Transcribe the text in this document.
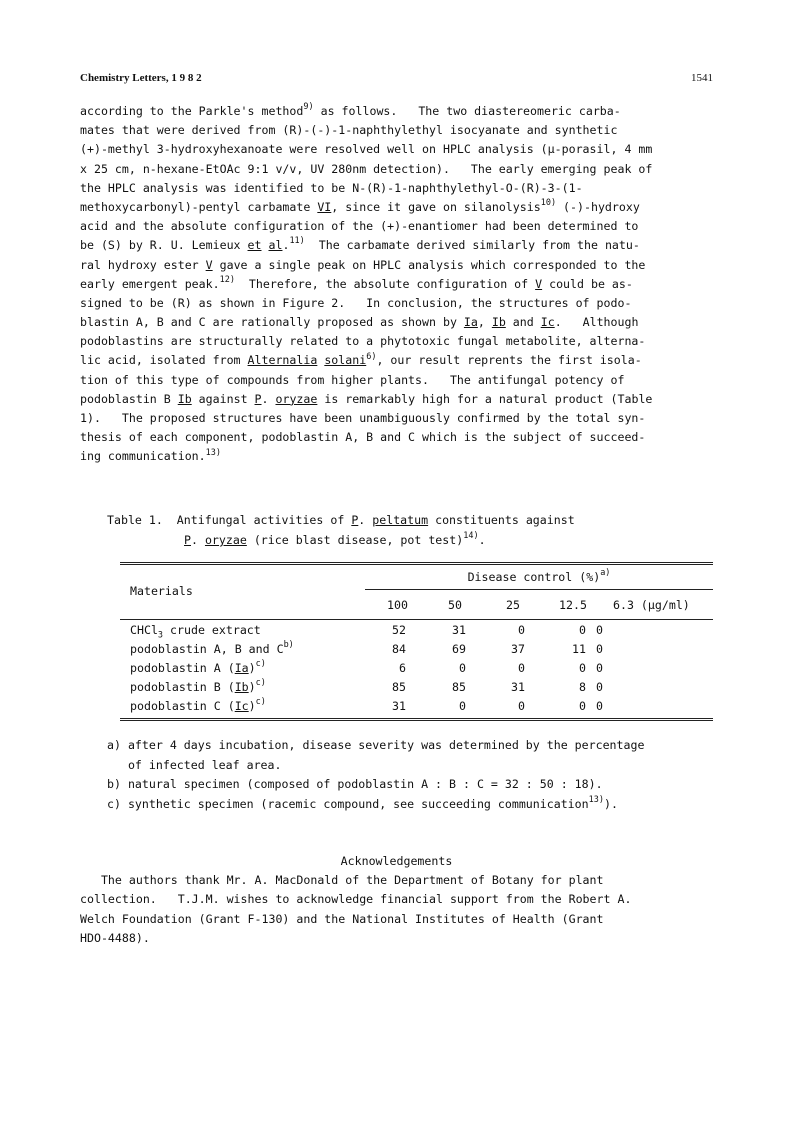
Chemistry Letters, 1 9 8 2	1541
according to the Parkle's method$^{9)}$ as follows.   The two diastereomeric carba-
mates that were derived from (R)-(-)-1-naphthylethyl isocyanate and synthetic
(+)-methyl 3-hydroxyhexanoate were resolved well on HPLC analysis (μ-porasil, 4 mm
x 25 cm, n-hexane-EtOAc 9:1 v/v, UV 280nm detection).   The early emerging peak of
the HPLC analysis was identified to be N-(R)-1-naphthylethyl-O-(R)-3-(1-
methoxycarbonyl)-pentyl carbamate VI, since it gave on silanolysis$^{10)}$ (-)-hydroxy
acid and the absolute configuration of the (+)-enantiomer had been determined to
be (S) by R. U. Lemieux et al.$^{11)}$  The carbamate derived similarly from the natu-
ral hydroxy ester V gave a single peak on HPLC analysis which corresponded to the
early emergent peak.$^{12)}$  Therefore, the absolute configuration of V could be as-
signed to be (R) as shown in Figure 2.   In conclusion, the structures of podo-
blastin A, B and C are rationally proposed as shown by Ia, Ib and Ic.   Although
podoblastins are structurally related to a phytotoxic fungal metabolite, alterna-
lic acid, isolated from Alternalia solani$^{6)}$, our result reprents the first isola-
tion of this type of compounds from higher plants.   The antifungal potency of
podoblastin B Ib against P. oryzae is remarkably high for a natural product (Table
1).   The proposed structures have been unambiguously confirmed by the total syn-
thesis of each component, podoblastin A, B and C which is the subject of succeed-
ing communication.$^{13)}$
Table 1.  Antifungal activities of P. peltatum constituents against
P. oryzae (rice blast disease, pot test)$^{14)}$.
Materials
Disease control (%)$^{a)}$
100	50	25	12.5 6.3 (μg/ml)
CHCl$_3$ crude extract	52	31	0	0 0
podoblastin A, B and $C^{b)}$	84	69	37	11 0
podoblastin A $(Ia)^{c)}$	6	0	0	0 0
podoblastin B $(Ib)^{c)}$	85	85	31	8 0
podoblastin C $(Ic)^{c)}$	31	0	0	0 0
a) after 4 days incubation, disease severity was determined by the percentage
of infected leaf area.
b) natural specimen (composed of podoblastin A : B : C = 32 : 50 : 18).
c) synthetic specimen (racemic compound, see succeeding communication$^{13)}$).
Acknowledgements
The authors thank Mr. A. MacDonald of the Department of Botany for plant
collection.   T.J.M. wishes to acknowledge financial support from the Robert A.
Welch Foundation (Grant F-130) and the National Institutes of Health (Grant
HDO-4488).
